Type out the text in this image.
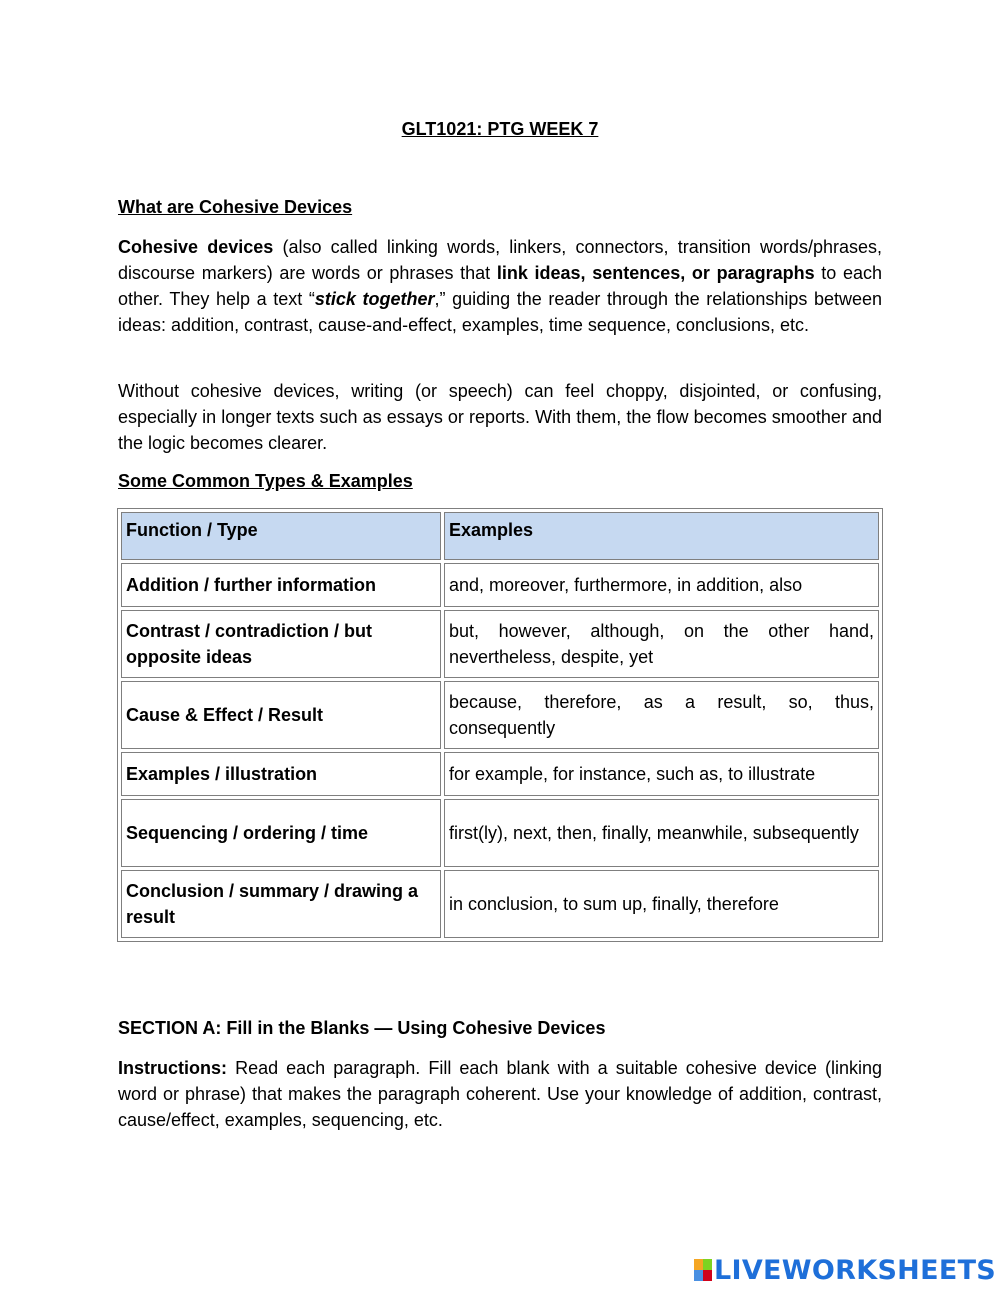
GLT1021: PTG WEEK 7
What are Cohesive Devices
Cohesive devices (also called linking words, linkers, connectors, transition words/phrases, discourse markers) are words or phrases that link ideas, sentences, or paragraphs to each other. They help a text “stick together,” guiding the reader through the relationships between ideas: addition, contrast, cause-and-effect, examples, time sequence, conclusions, etc.
Without cohesive devices, writing (or speech) can feel choppy, disjointed, or confusing, especially in longer texts such as essays or reports. With them, the flow becomes smoother and the logic becomes clearer.
Some Common Types & Examples
Function / Type	Examples
Addition / further information	and, moreover, furthermore, in addition, also
Contrast / contradiction / but opposite ideas	but, however, although, on the other hand, nevertheless, despite, yet
Cause & Effect / Result	because, therefore, as a result, so, thus, consequently
Examples / illustration	for example, for instance, such as, to illustrate
Sequencing / ordering / time	first(ly), next, then, finally, meanwhile, subsequently
Conclusion / summary / drawing a result	in conclusion, to sum up, finally, therefore
SECTION A: Fill in the Blanks — Using Cohesive Devices
Instructions: Read each paragraph. Fill each blank with a suitable cohesive device (linking word or phrase) that makes the paragraph coherent. Use your knowledge of addition, contrast, cause/effect, examples, sequencing, etc.
LIVEWORKSHEETS
